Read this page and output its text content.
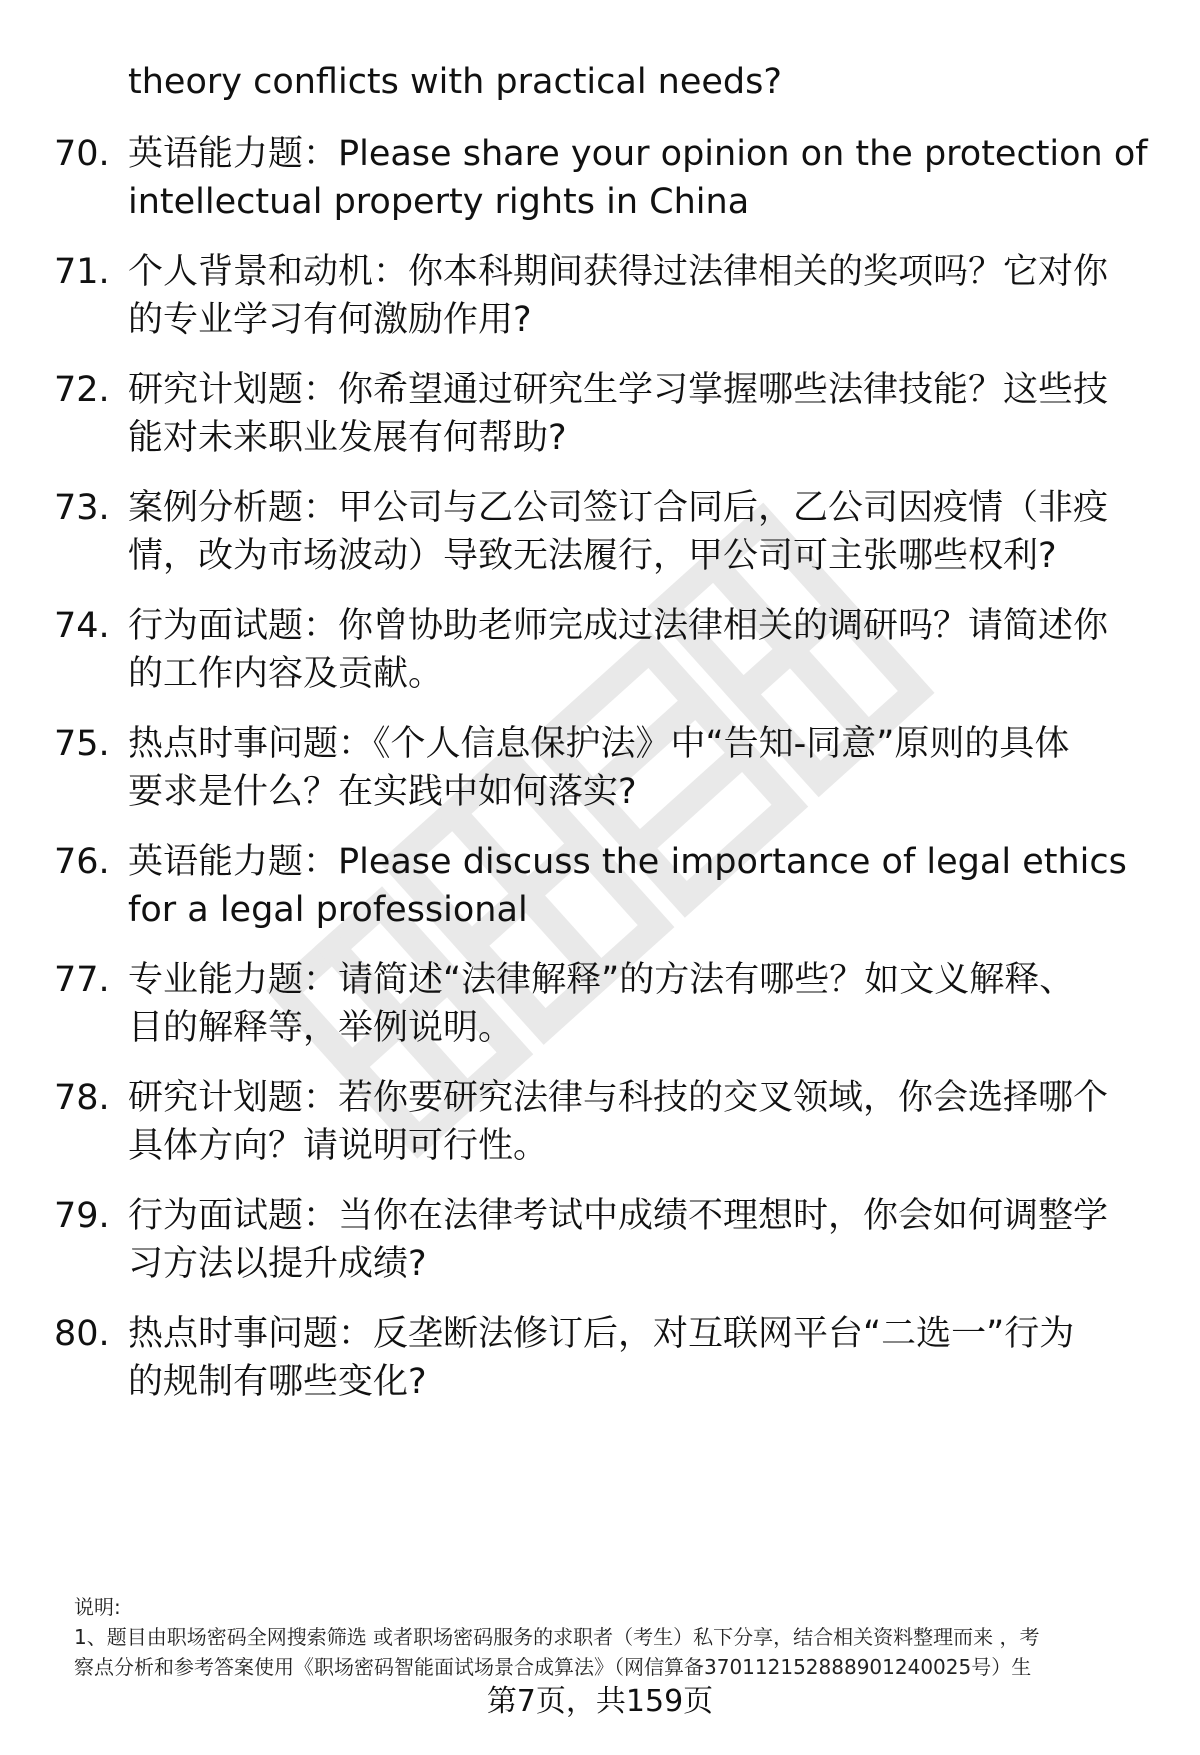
theory conflicts with practical needs?
70. 英语能力题：Please share your opinion on the protection of
intellectual property rights in China
71. 个人背景和动机：你本科期间获得过法律相关的奖项吗？它对你
的专业学习有何激励作用?
72. 研究计划题：你希望通过研究生学习掌握哪些法律技能？这些技
能对未来职业发展有何帮助?
73. 案例分析题：甲公司与乙公司签订合同后，乙公司因疫情（非疫
情，改为市场波动）导致无法履行，甲公司可主张哪些权利?
74. 行为面试题：你曾协助老师完成过法律相关的调研吗？请简述你
的工作内容及贡献。
75. 热点时事问题：《个人信息保护法》中“告知-同意”原则的具体
要求是什么？在实践中如何落实?
76. 英语能力题：Please discuss the importance of legal ethics
for a legal professional
77. 专业能力题：请简述“法律解释”的方法有哪些？如文义解释、
目的解释等，举例说明。
78. 研究计划题：若你要研究法律与科技的交叉领域，你会选择哪个
具体方向？请说明可行性。
79. 行为面试题：当你在法律考试中成绩不理想时，你会如何调整学
习方法以提升成绩?
80. 热点时事问题：反垄断法修订后，对互联网平台“二选一”行为
的规制有哪些变化?
说明:
1、题目由职场密码全网搜索筛选 或者职场密码服务的求职者（考生）私下分享，结合相关资料整理而来 ，考
察点分析和参考答案使用《职场密码智能面试场景合成算法》（网信算备370112152888901240025号）生
第7页，共159页
